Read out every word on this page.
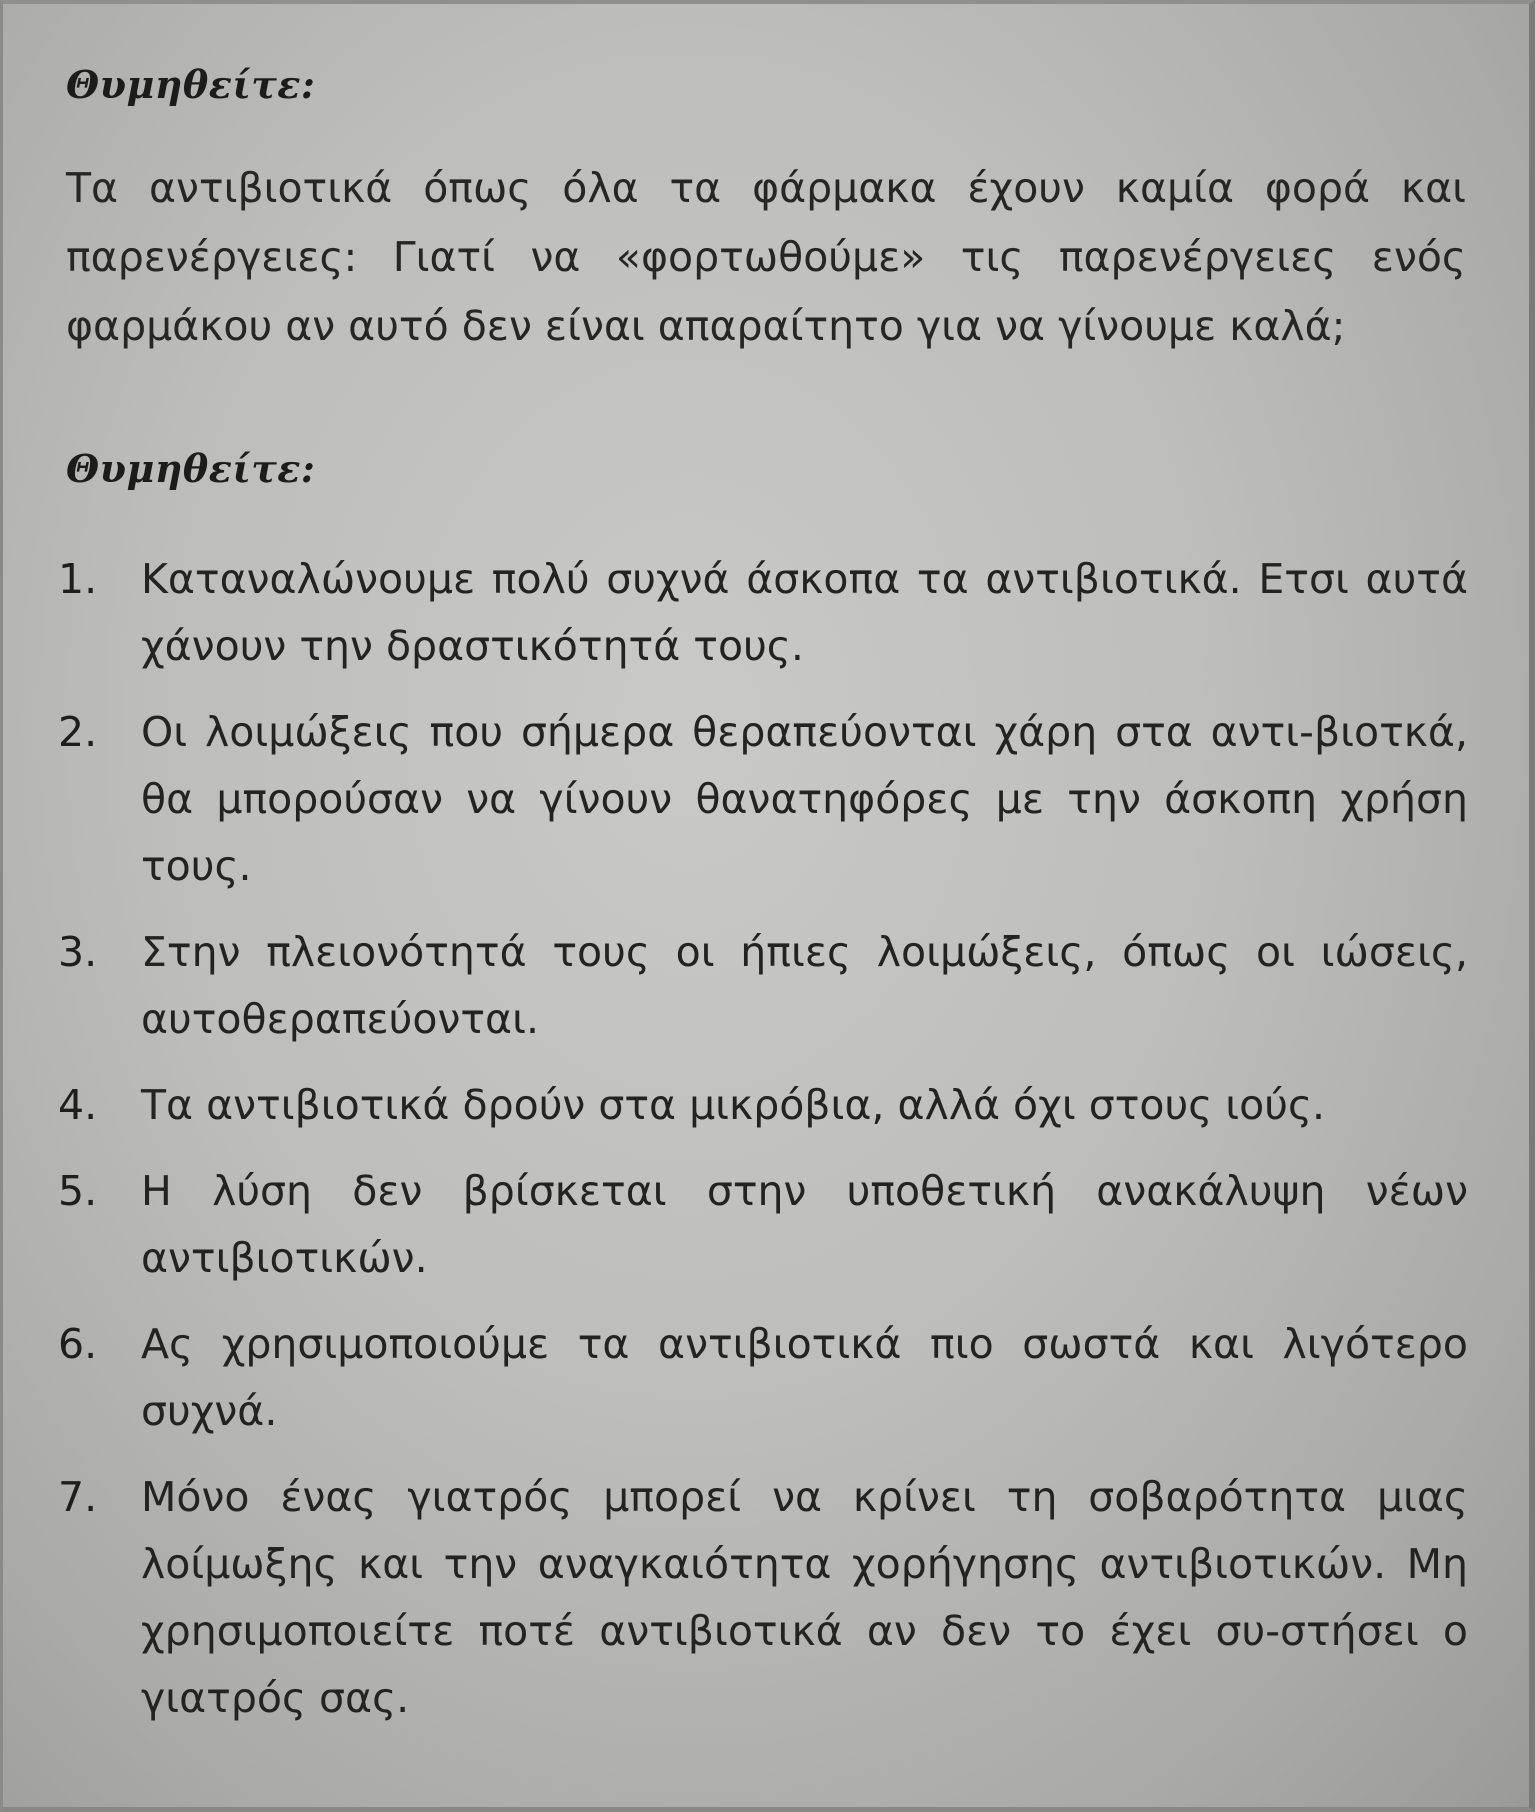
Θυμηθείτε:

Τα αντιβιοτικά όπως όλα τα φάρμακα έχουν καμία φορά και παρενέργειες: Γιατί να «φορτωθούμε» τις παρενέργειες ενός φαρμάκου αν αυτό δεν είναι απαραίτητο για να γίνουμε καλά;

Θυμηθείτε:
1.	Καταναλώνουμε πολύ συχνά άσκοπα τα αντιβιοτικά. Ετσι αυτά χάνουν την δραστικότητά τους.
2.	Οι λοιμώξεις που σήμερα θεραπεύονται χάρη στα αντι-βιοτκά, θα μπορούσαν να γίνουν θανατηφόρες με την άσκοπη χρήση τους.
3.	Στην πλειονότητά τους οι ήπιες λοιμώξεις, όπως οι ιώσεις, αυτοθεραπεύονται.
4.	Τα αντιβιοτικά δρούν στα μικρόβια, αλλά όχι στους ιούς.
5.	Η λύση δεν βρίσκεται στην υποθετική ανακάλυψη νέων αντιβιοτικών.
6.	Ας χρησιμοποιούμε τα αντιβιοτικά πιο σωστά και λιγότερο συχνά.
7.	Μόνο ένας γιατρός μπορεί να κρίνει τη σοβαρότητα μιας λοίμωξης και την αναγκαιότητα χορήγησης αντιβιοτικών. Μη χρησιμοποιείτε ποτέ αντιβιοτικά αν δεν το έχει συ-στήσει ο γιατρός σας.
